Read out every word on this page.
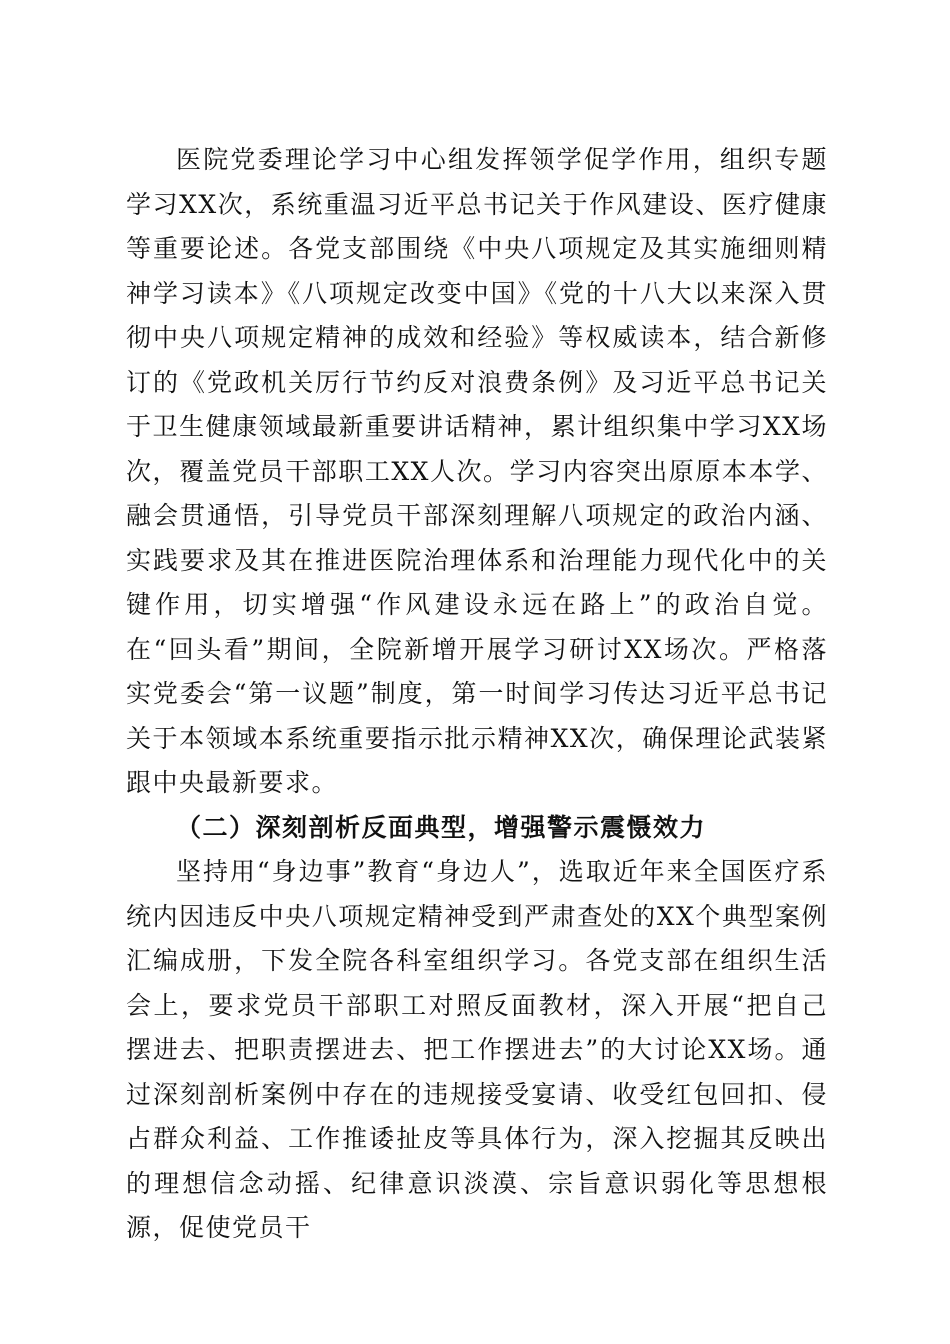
医院党委理论学习中心组发挥领学促学作用，组织专题学习XX次，系统重温习近平总书记关于作风建设、医疗健康等重要论述。各党支部围绕《中央八项规定及其实施细则精神学习读本》《八项规定改变中国》《党的十八大以来深入贯彻中央八项规定精神的成效和经验》等权威读本，结合新修订的《党政机关厉行节约反对浪费条例》及习近平总书记关于卫生健康领域最新重要讲话精神，累计组织集中学习XX场次，覆盖党员干部职工XX人次。学习内容突出原原本本学、融会贯通悟，引导党员干部深刻理解八项规定的政治内涵、实践要求及其在推进医院治理体系和治理能力现代化中的关键作用，切实增强“作风建设永远在路上”的政治自觉。在“回头看”期间，全院新增开展学习研讨XX场次。严格落实党委会“第一议题”制度，第一时间学习传达习近平总书记关于本领域本系统重要指示批示精神XX次，确保理论武装紧跟中央最新要求。

（二）深刻剖析反面典型，增强警示震慑效力

坚持用“身边事”教育“身边人”，选取近年来全国医疗系统内因违反中央八项规定精神受到严肃查处的XX个典型案例汇编成册，下发全院各科室组织学习。各党支部在组织生活会上，要求党员干部职工对照反面教材，深入开展“把自己摆进去、把职责摆进去、把工作摆进去”的大讨论XX场。通过深刻剖析案例中存在的违规接受宴请、收受红包回扣、侵占群众利益、工作推诿扯皮等具体行为，深入挖掘其反映出的理想信念动摇、纪律意识淡漠、宗旨意识弱化等思想根源，促使党员干
